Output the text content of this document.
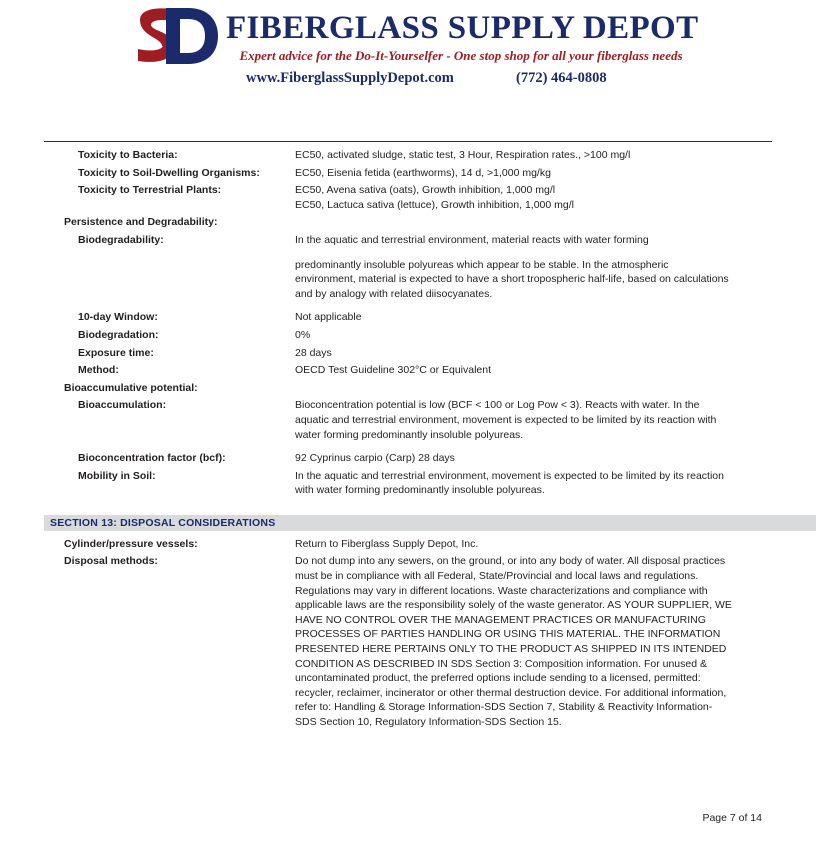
FIBERGLASS SUPPLY DEPOT
Expert advice for the Do-It-Yourselfer - One stop shop for all your fiberglass needs
www.FiberglassSupplyDepot.com	(772) 464-0808
Toxicity to Bacteria:	EC50, activated sludge, static test, 3 Hour, Respiration rates., >100 mg/l

Toxicity to Soil-Dwelling Organisms:	EC50, Eisenia fetida (earthworms), 14 d, >1,000 mg/kg

Toxicity to Terrestrial Plants:	EC50, Avena sativa (oats), Growth inhibition, 1,000 mg/l

EC50, Lactuca sativa (lettuce), Growth inhibition, 1,000 mg/l

Persistence and Degradability:
Biodegradability:	In the aquatic and terrestrial environment, material reacts with water forming

predominantly insoluble polyureas which appear to be stable. In the atmospheric environment, material is expected to have a short tropospheric half-life, based on calculations and by analogy with related diisocyanates.

10-day Window:	Not applicable

Biodegradation:	0%

Exposure time:	28 days

Method:	OECD Test Guideline 302°C or Equivalent

Bioaccumulative potential:
Bioaccumulation:	Bioconcentration potential is low (BCF < 100 or Log Pow < 3). Reacts with water. In the aquatic and terrestrial environment, movement is expected to be limited by its reaction with water forming predominantly insoluble polyureas.

Bioconcentration factor (bcf):	92 Cyprinus carpio (Carp) 28 days

Mobility in Soil:	In the aquatic and terrestrial environment, movement is expected to be limited by its reaction with water forming predominantly insoluble polyureas.

SECTION 13: DISPOSAL CONSIDERATIONS
Cylinder/pressure vessels:	Return to Fiberglass Supply Depot, Inc.

Disposal methods:	Do not dump into any sewers, on the ground, or into any body of water. All disposal practices must be in compliance with all Federal, State/Provincial and local laws and regulations. Regulations may vary in different locations. Waste characterizations and compliance with applicable laws are the responsibility solely of the waste generator. AS YOUR SUPPLIER, WE HAVE NO CONTROL OVER THE MANAGEMENT PRACTICES OR MANUFACTURING PROCESSES OF PARTIES HANDLING OR USING THIS MATERIAL. THE INFORMATION PRESENTED HERE PERTAINS ONLY TO THE PRODUCT AS SHIPPED IN ITS INTENDED CONDITION AS DESCRIBED IN SDS Section 3: Composition information. For unused & uncontaminated product, the preferred options include sending to a licensed, permitted: recycler, reclaimer, incinerator or other thermal destruction device. For additional information, refer to: Handling & Storage Information-SDS Section 7, Stability & Reactivity Information-SDS Section 10, Regulatory Information-SDS Section 15.

Page 7 of 14
